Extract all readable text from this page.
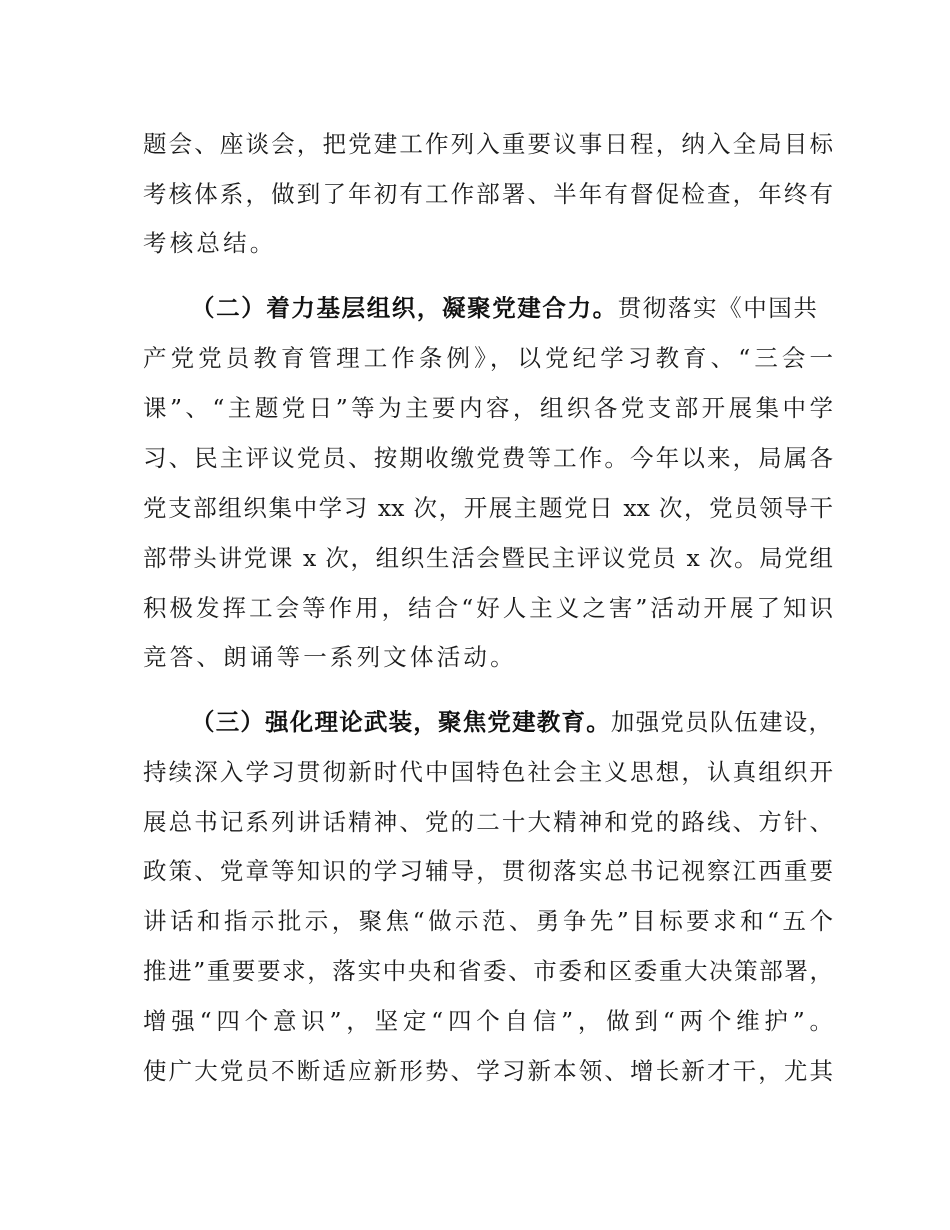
题会、座谈会，把党建工作列入重要议事日程，纳入全局目标
考核体系，做到了年初有工作部署、半年有督促检查，年终有
考核总结。
（二）着力基层组织，凝聚党建合力。贯彻落实《中国共
产党党员教育管理工作条例》，以党纪学习教育、“三会一
课”、“主题党日”等为主要内容，组织各党支部开展集中学
习、民主评议党员、按期收缴党费等工作。今年以来，局属各
党支部组织集中学习 xx 次，开展主题党日 xx 次，党员领导干
部带头讲党课 x 次，组织生活会暨民主评议党员 x 次。局党组
积极发挥工会等作用，结合“好人主义之害”活动开展了知识
竞答、朗诵等一系列文体活动。
（三）强化理论武装，聚焦党建教育。加强党员队伍建设，
持续深入学习贯彻新时代中国特色社会主义思想，认真组织开
展总书记系列讲话精神、党的二十大精神和党的路线、方针、
政策、党章等知识的学习辅导，贯彻落实总书记视察江西重要
讲话和指示批示，聚焦“做示范、勇争先”目标要求和“五个
推进”重要要求，落实中央和省委、市委和区委重大决策部署，
增强“四个意识”，坚定“四个自信”，做到“两个维护”。
使广大党员不断适应新形势、学习新本领、增长新才干，尤其
